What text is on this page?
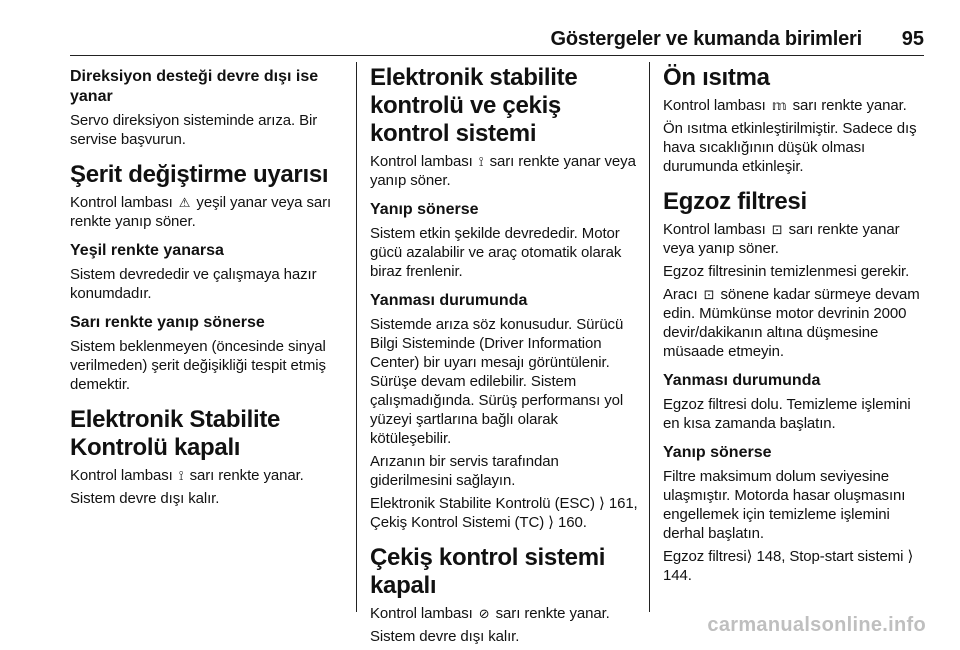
Göstergeler ve kumanda birimleri 95
Direksiyon desteği devre dışı ise yanar

Servo direksiyon sisteminde arıza. Bir servise başvurun.

Şerit değiştirme uyarısı

Kontrol lambası ⚠ yeşil yanar veya sarı renkte yanıp söner.

Yeşil renkte yanarsa

Sistem devrededir ve çalışmaya hazır konumdadır.

Sarı renkte yanıp sönerse

Sistem beklenmeyen (öncesinde sinyal verilmeden) şerit değişikliği tespit etmiş demektir.

Elektronik Stabilite Kontrolü kapalı

Kontrol lambası ⟟ sarı renkte yanar.

Sistem devre dışı kalır.

Elektronik stabilite kontrolü ve çekiş kontrol sistemi

Kontrol lambası ⟟ sarı renkte yanar veya yanıp söner.

Yanıp sönerse

Sistem etkin şekilde devrededir. Motor gücü azalabilir ve araç otomatik olarak biraz frenlenir.

Yanması durumunda

Sistemde arıza söz konusudur. Sürücü Bilgi Sisteminde (Driver Information Center) bir uyarı mesajı görüntülenir. Sürüşe devam edilebilir. Sistem çalışmadığında. Sürüş performansı yol yüzeyi şartlarına bağlı olarak kötüleşebilir.

Arızanın bir servis tarafından giderilmesini sağlayın.

Elektronik Stabilite Kontrolü (ESC) ⟩ 161, Çekiş Kontrol Sistemi (TC) ⟩ 160.

Çekiş kontrol sistemi kapalı

Kontrol lambası ⊘ sarı renkte yanar.

Sistem devre dışı kalır.

Ön ısıtma

Kontrol lambası 𝕞 sarı renkte yanar.

Ön ısıtma etkinleştirilmiştir. Sadece dış hava sıcaklığının düşük olması durumunda etkinleşir.

Egzoz filtresi

Kontrol lambası ⊡ sarı renkte yanar veya yanıp söner.

Egzoz filtresinin temizlenmesi gerekir.

Aracı ⊡ sönene kadar sürmeye devam edin. Mümkünse motor devrinin 2000 devir/dakikanın altına düşmesine müsaade etmeyin.

Yanması durumunda

Egzoz filtresi dolu. Temizleme işlemini en kısa zamanda başlatın.

Yanıp sönerse

Filtre maksimum dolum seviyesine ulaşmıştır. Motorda hasar oluşmasını engellemek için temizleme işlemini derhal başlatın.

Egzoz filtresi⟩ 148, Stop-start sistemi ⟩ 144.

carmanualsonline.info
